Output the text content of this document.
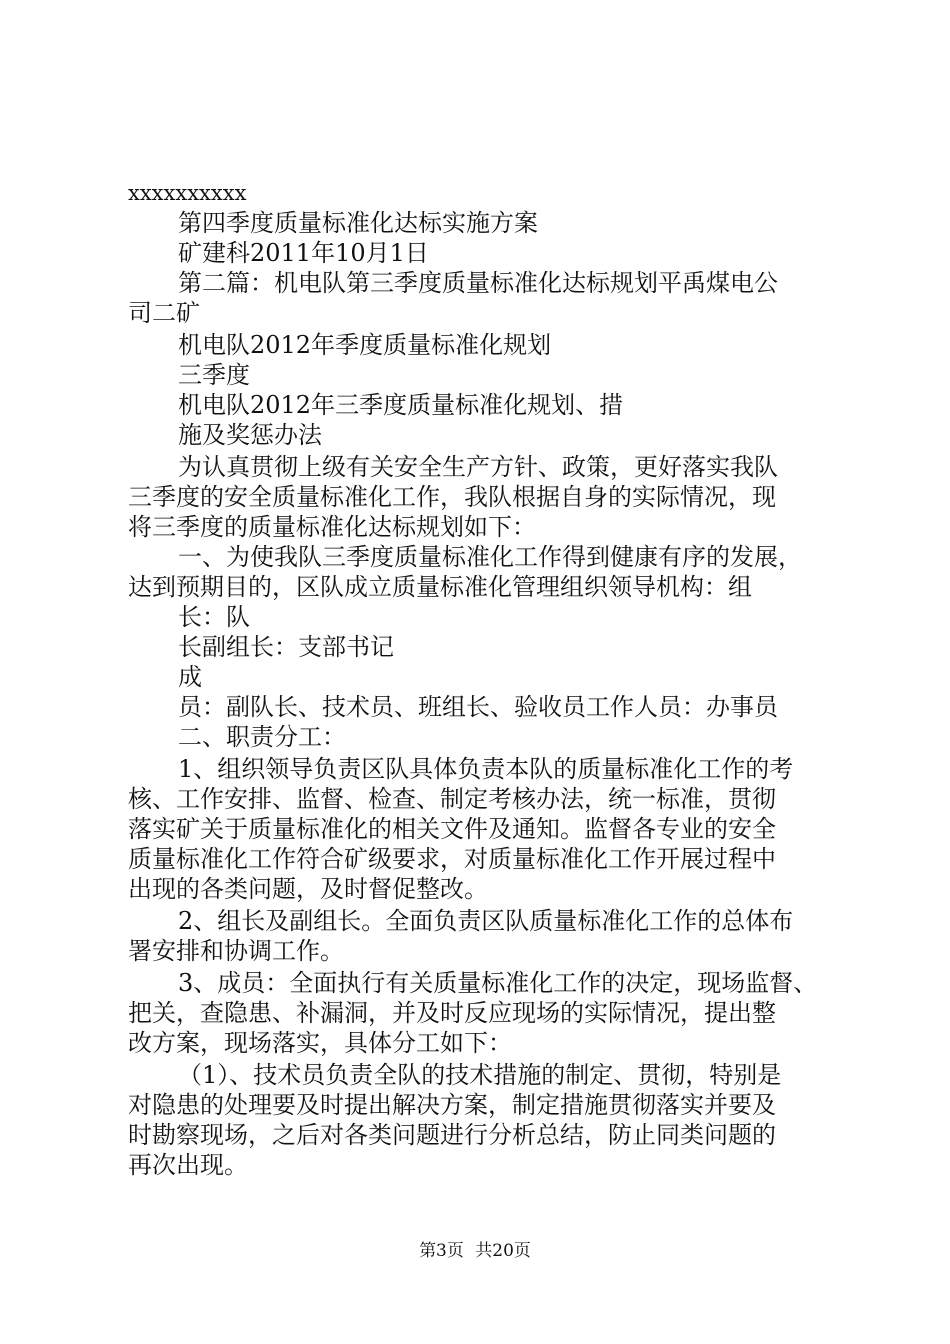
xxxxxxxxxx
第四季度质量标准化达标实施方案
矿建科2011年10月1日
第二篇：机电队第三季度质量标准化达标规划平禹煤电公
司二矿
机电队2012年季度质量标准化规划
三季度
机电队2012年三季度质量标准化规划、措
施及奖惩办法
为认真贯彻上级有关安全生产方针、政策，更好落实我队
三季度的安全质量标准化工作，我队根据自身的实际情况，现
将三季度的质量标准化达标规划如下：
一、为使我队三季度质量标准化工作得到健康有序的发展，
达到预期目的，区队成立质量标准化管理组织领导机构：组
长：队
长副组长：支部书记
成
员：副队长、技术员、班组长、验收员工作人员：办事员
二、职责分工：
1、组织领导负责区队具体负责本队的质量标准化工作的考
核、工作安排、监督、检查、制定考核办法，统一标准，贯彻
落实矿关于质量标准化的相关文件及通知。监督各专业的安全
质量标准化工作符合矿级要求，对质量标准化工作开展过程中
出现的各类问题，及时督促整改。
2、组长及副组长。全面负责区队质量标准化工作的总体布
署安排和协调工作。
3、成员：全面执行有关质量标准化工作的决定，现场监督、
把关，查隐患、补漏洞，并及时反应现场的实际情况，提出整
改方案，现场落实，具体分工如下：
（1）、技术员负责全队的技术措施的制定、贯彻，特别是
对隐患的处理要及时提出解决方案，制定措施贯彻落实并要及
时勘察现场，之后对各类问题进行分析总结，防止同类问题的
再次出现。
第3页 共20页
